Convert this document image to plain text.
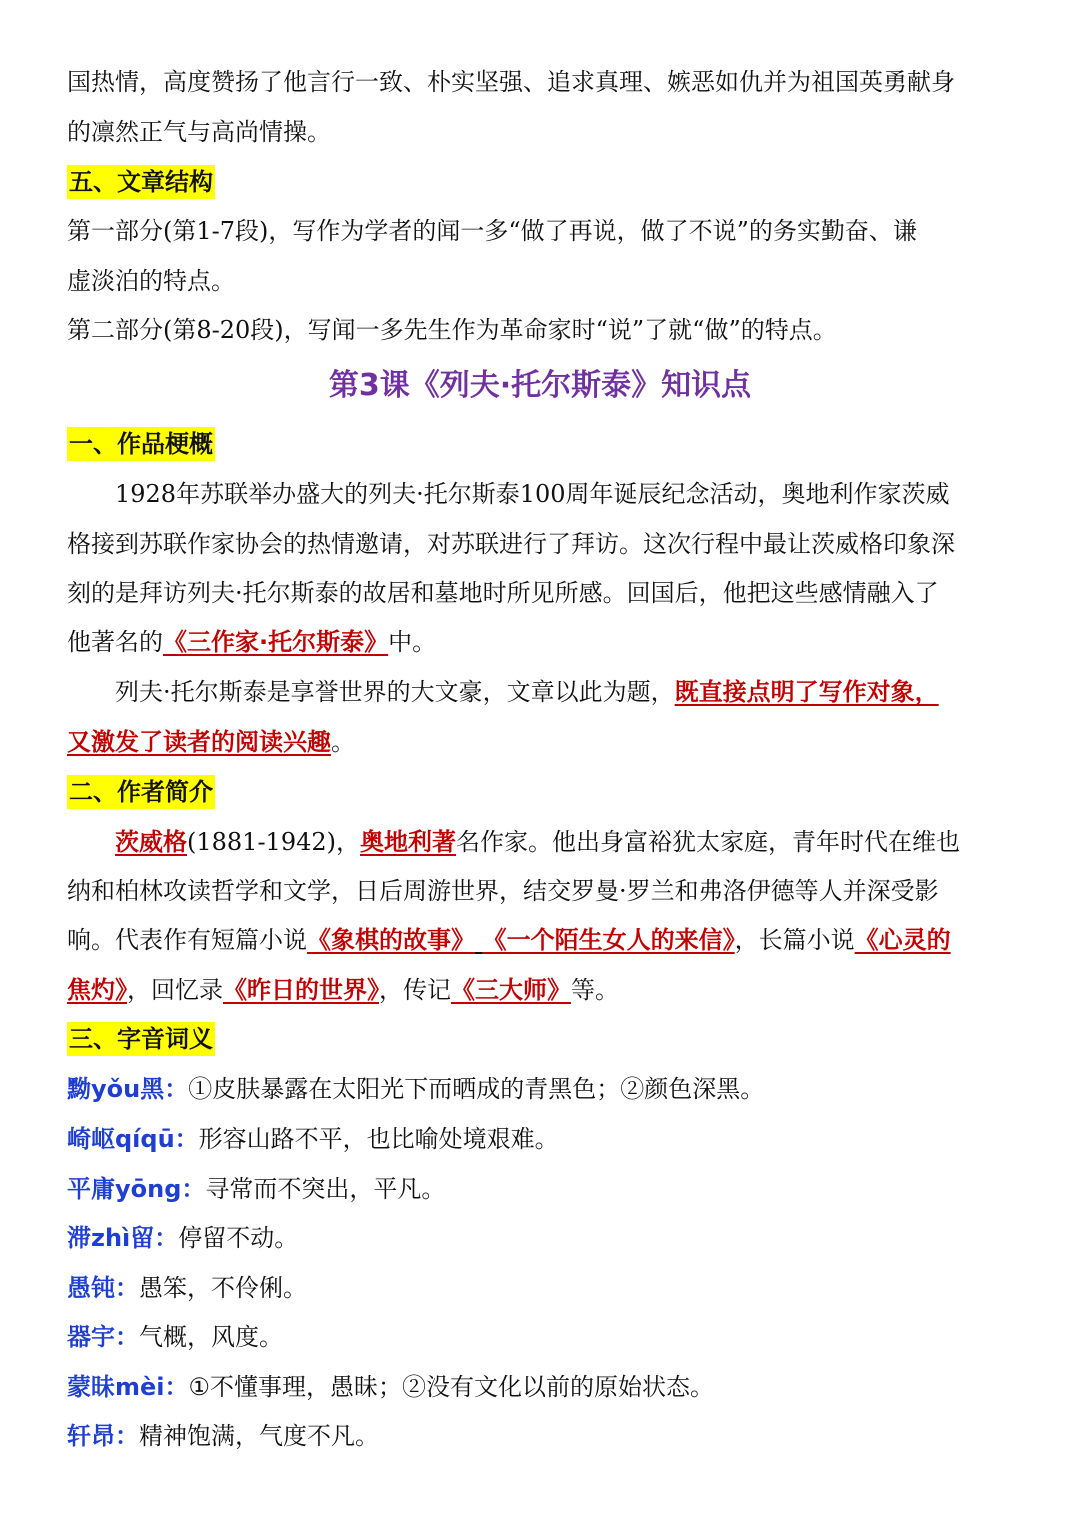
国热情，高度赞扬了他言行一致、朴实坚强、追求真理、嫉恶如仇并为祖国英勇献身
的凛然正气与高尚情操。
五、文章结构
第一部分(第1-7段)，写作为学者的闻一多“做了再说，做了不说”的务实勤奋、谦
虚淡泊的特点。
第二部分(第8-20段)，写闻一多先生作为革命家时“说”了就“做”的特点。
第3课《列夫·托尔斯泰》知识点
一、作品梗概
1928年苏联举办盛大的列夫·托尔斯泰100周年诞辰纪念活动，奥地利作家茨威
格接到苏联作家协会的热情邀请，对苏联进行了拜访。这次行程中最让茨威格印象深
刻的是拜访列夫·托尔斯泰的故居和墓地时所见所感。回国后，他把这些感情融入了
他著名的《三作家·托尔斯泰》中。
列夫·托尔斯泰是享誉世界的大文豪，文章以此为题，既直接点明了写作对象，
又激发了读者的阅读兴趣。
二、作者简介
茨威格(1881-1942)，奥地利著名作家。他出身富裕犹太家庭，青年时代在维也
纳和柏林攻读哲学和文学，日后周游世界，结交罗曼·罗兰和弗洛伊德等人并深受影
响。代表作有短篇小说《象棋的故事》 《一个陌生女人的来信》，长篇小说《心灵的
焦灼》，回忆录《昨日的世界》，传记《三大师》等。
三、字音词义
黝yǒu黑：①皮肤暴露在太阳光下而晒成的青黑色；②颜色深黑。
崎岖qíqū：形容山路不平，也比喻处境艰难。
平庸yōng：寻常而不突出，平凡。
滞zhì留：停留不动。
愚钝：愚笨，不伶俐。
器宇：气概，风度。
蒙昧mèi：①不懂事理，愚昧；②没有文化以前的原始状态。
轩昂：精神饱满，气度不凡。
